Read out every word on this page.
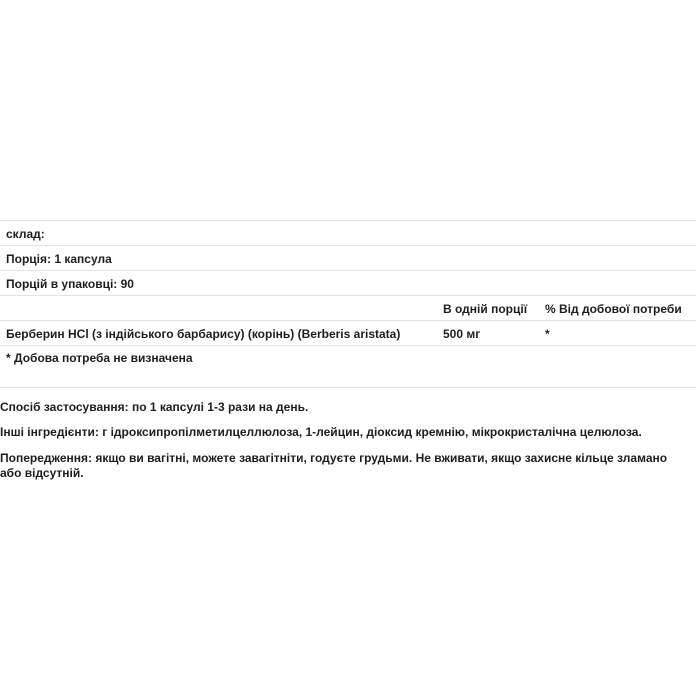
склад:
Порція: 1 капсула
Порцій в упаковці: 90
В одній порції % Від добової потреби
Берберин HCl (з індійського барбарису) (корінь) (Berberis aristata)	500 мг	*
* Добова потреба не визначена

Спосіб застосування: по 1 капсулі 1-3 рази на день.

Інші інгредієнти: г ідроксипропілметилцеллюлоза, 1-лейцин, діоксид кремнію, мікрокристалічна целюлоза.

Попередження: якщо ви вагітні, можете завагітніти, годуєте грудьми. Не вживати, якщо захисне кільце зламано або відсутній.
